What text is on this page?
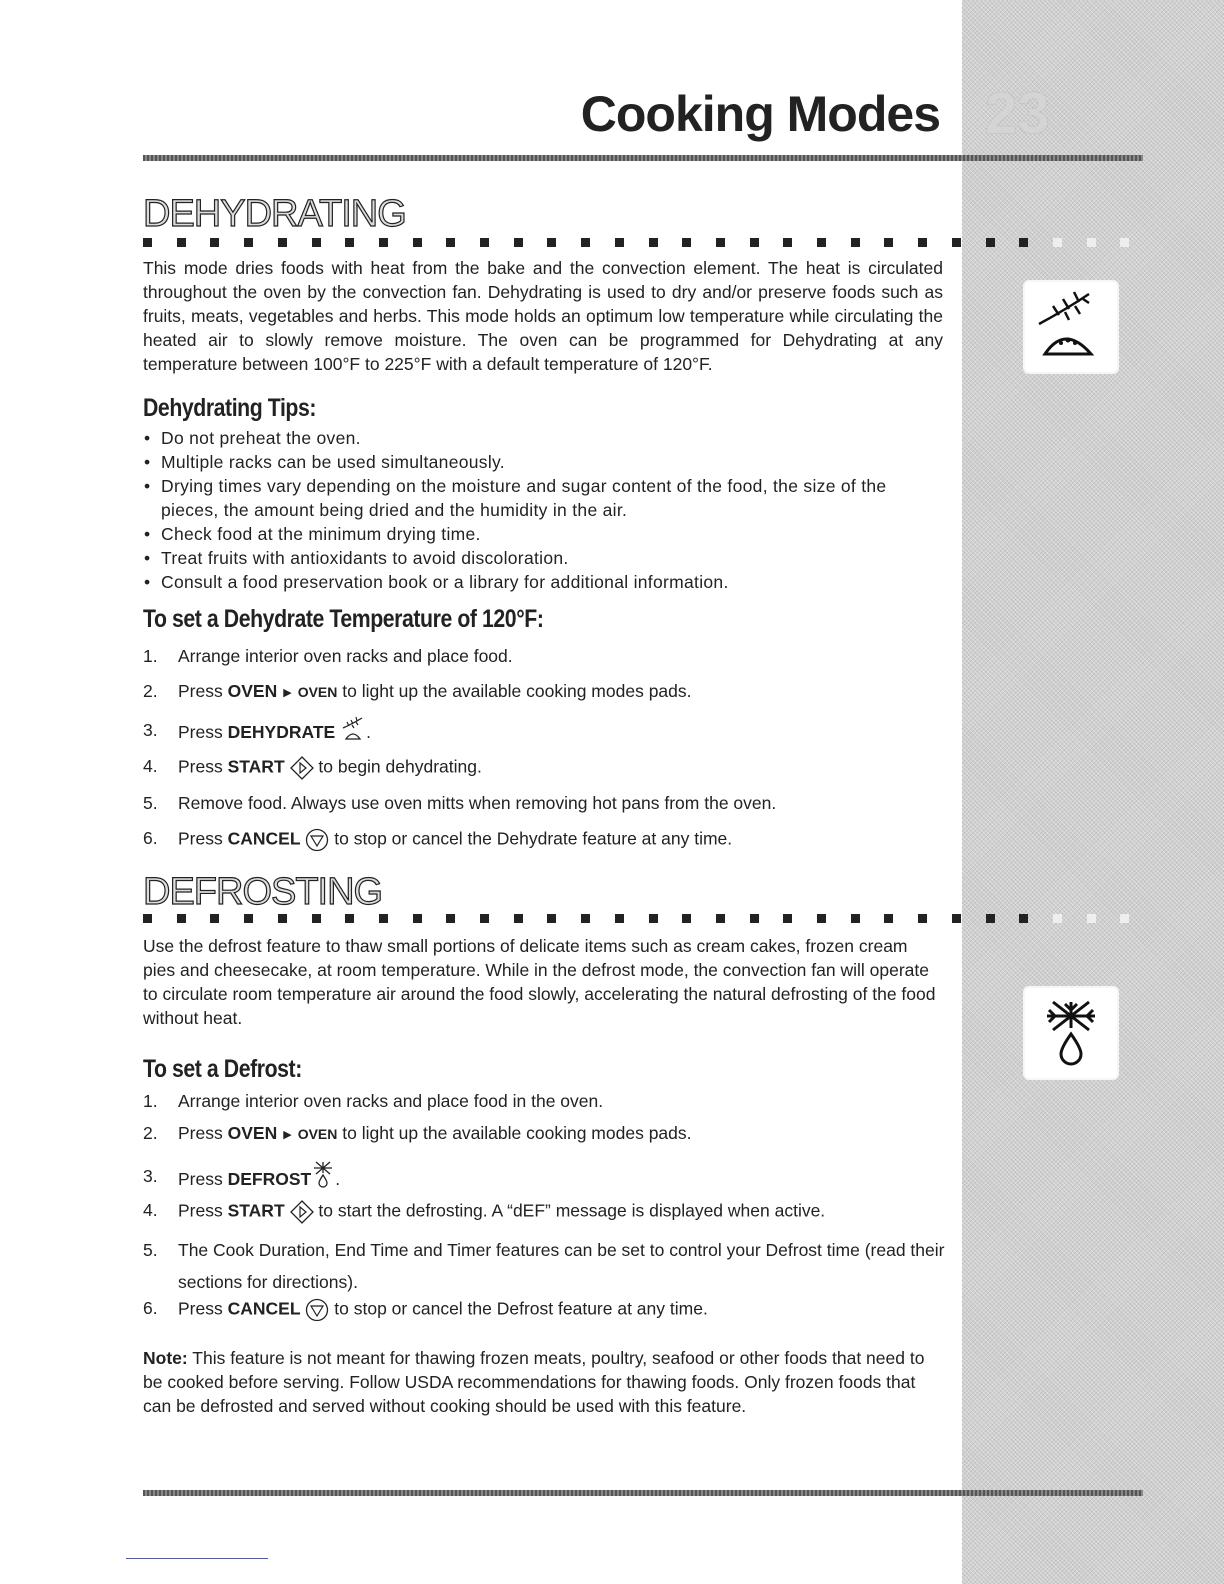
Cooking Modes 23
DEHYDRATING

This mode dries foods with heat from the bake and the convection element. The heat is circulated throughout the oven by the convection fan. Dehydrating is used to dry and/or preserve foods such as fruits, meats, vegetables and herbs. This mode holds an optimum low temperature while circulating the heated air to slowly remove moisture. The oven can be programmed for Dehydrating at any temperature between 100°F to 225°F with a default temperature of 120°F.

Dehydrating Tips:
• Do not preheat the oven.
• Multiple racks can be used simultaneously.
• Drying times vary depending on the moisture and sugar content of the food, the size of the pieces, the amount being dried and the humidity in the air.
• Check food at the minimum drying time.
• Treat fruits with antioxidants to avoid discoloration.
• Consult a food preservation book or a library for additional information.
To set a Dehydrate Temperature of 120°F:
1. Arrange interior oven racks and place food.
2. Press OVEN ▶ OVEN to light up the available cooking modes pads.
3. Press DEHYDRATE .
4. Press START to begin dehydrating.
5. Remove food. Always use oven mitts when removing hot pans from the oven.
6. Press CANCEL to stop or cancel the Dehydrate feature at any time.
DEFROSTING

Use the defrost feature to thaw small portions of delicate items such as cream cakes, frozen cream pies and cheesecake, at room temperature. While in the defrost mode, the convection fan will operate to circulate room temperature air around the food slowly, accelerating the natural defrosting of the food without heat.

To set a Defrost:
1. Arrange interior oven racks and place food in the oven.
2. Press OVEN ▶ OVEN to light up the available cooking modes pads.
3. Press DEFROST .
4. Press START to start the defrosting. A “dEF” message is displayed when active.
5. The Cook Duration, End Time and Timer features can be set to control your Defrost time (read their sections for directions).
6. Press CANCEL to stop or cancel the Defrost feature at any time.

Note: This feature is not meant for thawing frozen meats, poultry, seafood or other foods that need to be cooked before serving. Follow USDA recommendations for thawing foods. Only frozen foods that can be defrosted and served without cooking should be used with this feature.
